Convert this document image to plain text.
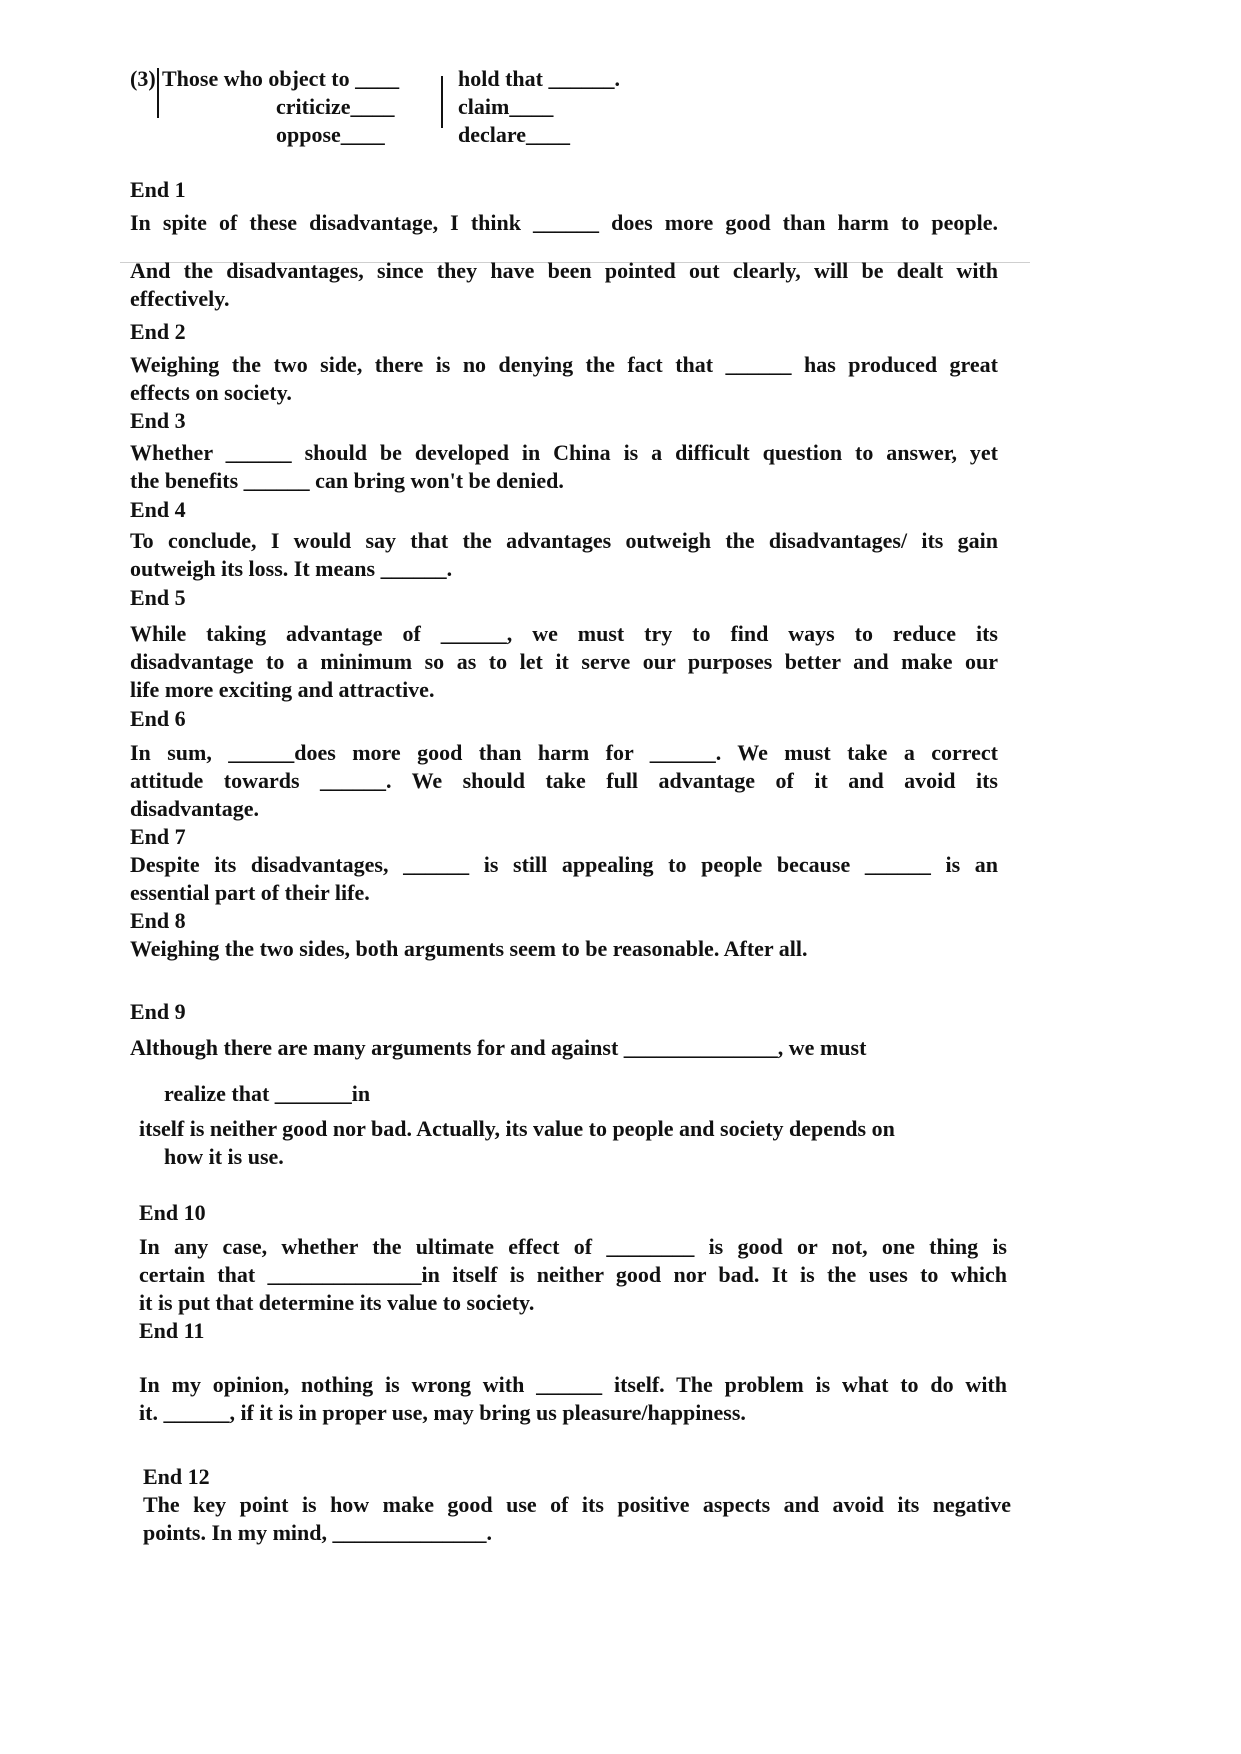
(3) Those who object to ____
criticize____
oppose____
hold that ______.
claim____
declare____
End 1
In spite of these disadvantage, I think ______ does more good than harm to people.
And the disadvantages, since they have been pointed out clearly, will be dealt with
effectively.
End 2
Weighing the two side, there is no denying the fact that ______ has produced great
effects on society.
End 3
Whether ______ should be developed in China is a difficult question to answer, yet
the benefits ______ can bring won't be denied.
End 4
To conclude, I would say that the advantages outweigh the disadvantages/ its gain
outweigh its loss. It means ______.
End 5
While taking advantage of ______, we must try to find ways to reduce its
disadvantage to a minimum so as to let it serve our purposes better and make our
life more exciting and attractive.
End 6
In sum, ______does more good than harm for ______. We must take a correct
attitude towards ______. We should take full advantage of it and avoid its
disadvantage.
End 7
Despite its disadvantages, ______ is still appealing to people because ______ is an
essential part of their life.
End 8
Weighing the two sides, both arguments seem to be reasonable. After all.
End 9
Although there are many arguments for and against ______________, we must
realize that _______in
itself is neither good nor bad. Actually, its value to people and society depends on
how it is use.
End 10
In any case, whether the ultimate effect of ________ is good or not, one thing is
certain that ______________in itself is neither good nor bad. It is the uses to which
it is put that determine its value to society.
End 11
In my opinion, nothing is wrong with ______ itself. The problem is what to do with
it. ______, if it is in proper use, may bring us pleasure/happiness.
End 12
The key point is how make good use of its positive aspects and avoid its negative
points. In my mind, ______________.
